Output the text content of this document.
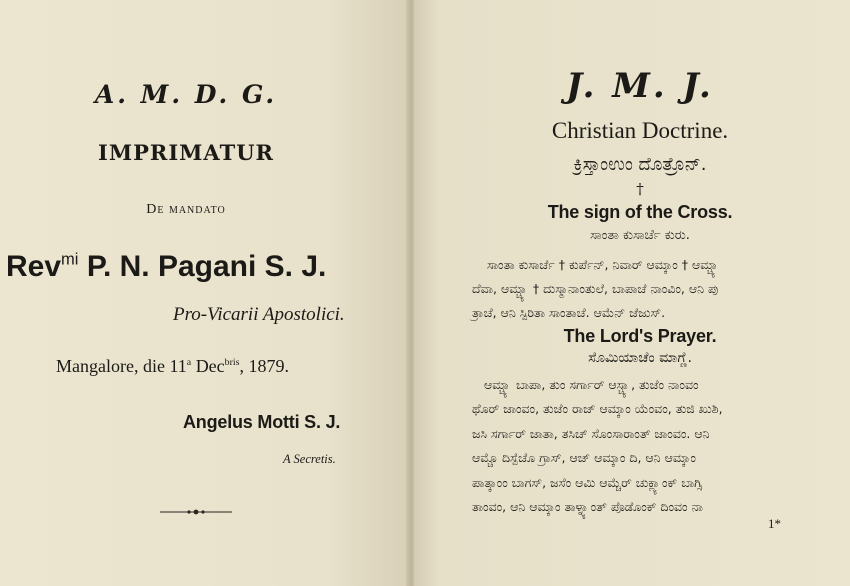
A. M. D. G.
IMPRIMATUR
De mandato
Rev$^{mi}$ P. N. Pagani S. J.
Pro-Vicarii Apostolici.
Mangalore, die 11$^a$ Dec$^{bris}$, 1879.
Angelus Motti S. J.
A Secretis.
J. M. J.
Christian Doctrine.
ಕ್ರಿಸ್ತಾಂಉಂ ದೊತ್ರೊನ್.
†
The sign of the Cross.
ಸಾಂತಾ ಕುಸಾರ್ಚೆ ಕುರು.
ಸಾಂತಾ ಕುಸಾರ್ಚೆ † ಕುರ್ಪೆನ್, ನಿವಾರ್ ಆಮ್ಕಾಂ † ಆಮ್ಚ್ಯಾ
ದೆವಾ, ಆಮ್ಚ್ಯಾ † ದುಸ್ಮಾನಾಂತುಲೆ, ಬಾಪಾಚೆ ನಾಂವಿಂ, ಆನಿ ಪು
ತ್ರಾಚೆ, ಆನಿ ಸ್ಪಿರಿತಾ ಸಾಂತಾಚೆ. ಆಮೆನ್ ಜೆಜುಸ್.
The Lord's Prayer.
ಸೊಮಿಯಾಚೆಂ ಮಾಗ್ಣೆ.
ಆಮ್ಚ್ಯಾ ಬಾಪಾ, ತುಂ ಸರ್ಗಾರ್ ಆಸ್ಚ್ಯಾ, ತುಜೆಂ ನಾಂವಂ
ಥೊರ್ ಜಾಂವಂ, ತುಜೆಂ ರಾಜ್ ಆಮ್ಕಾಂ ಯೆಂವಂ, ತುಜಿ ಖುಶಿ,
ಜಸಿ ಸರ್ಗಾರ್ ಜಾತಾ, ತಸಿಚ್ ಸೊಂಸಾರಾಂತ್ ಜಾಂವಂ. ಆನಿ
ಆಮ್ಚೊ ದಿಸ್ಪೆಚೊ ಗ್ರಾಸ್, ಆಜ್ ಆಮ್ಕಾಂ ದಿ, ಆನಿ ಆಮ್ಕಾಂ
ಪಾತ್ಕಾಂಂ ಬಾಗಸ್, ಜಸೆಂ ಆಮಿ ಆಮ್ಚೆರ್ ಚುಕ್ಲ್ಯಾಂಕ್ ಬಾಗ್ಸಿ
ತಾಂವಂ, ಆನಿ ಆಮ್ಕಾಂ ತಾಳ್ನ್ಯಾಂತ್ ಪೊಡೊಂಕ್ ದಿಂವಂ ನಾ
1*
